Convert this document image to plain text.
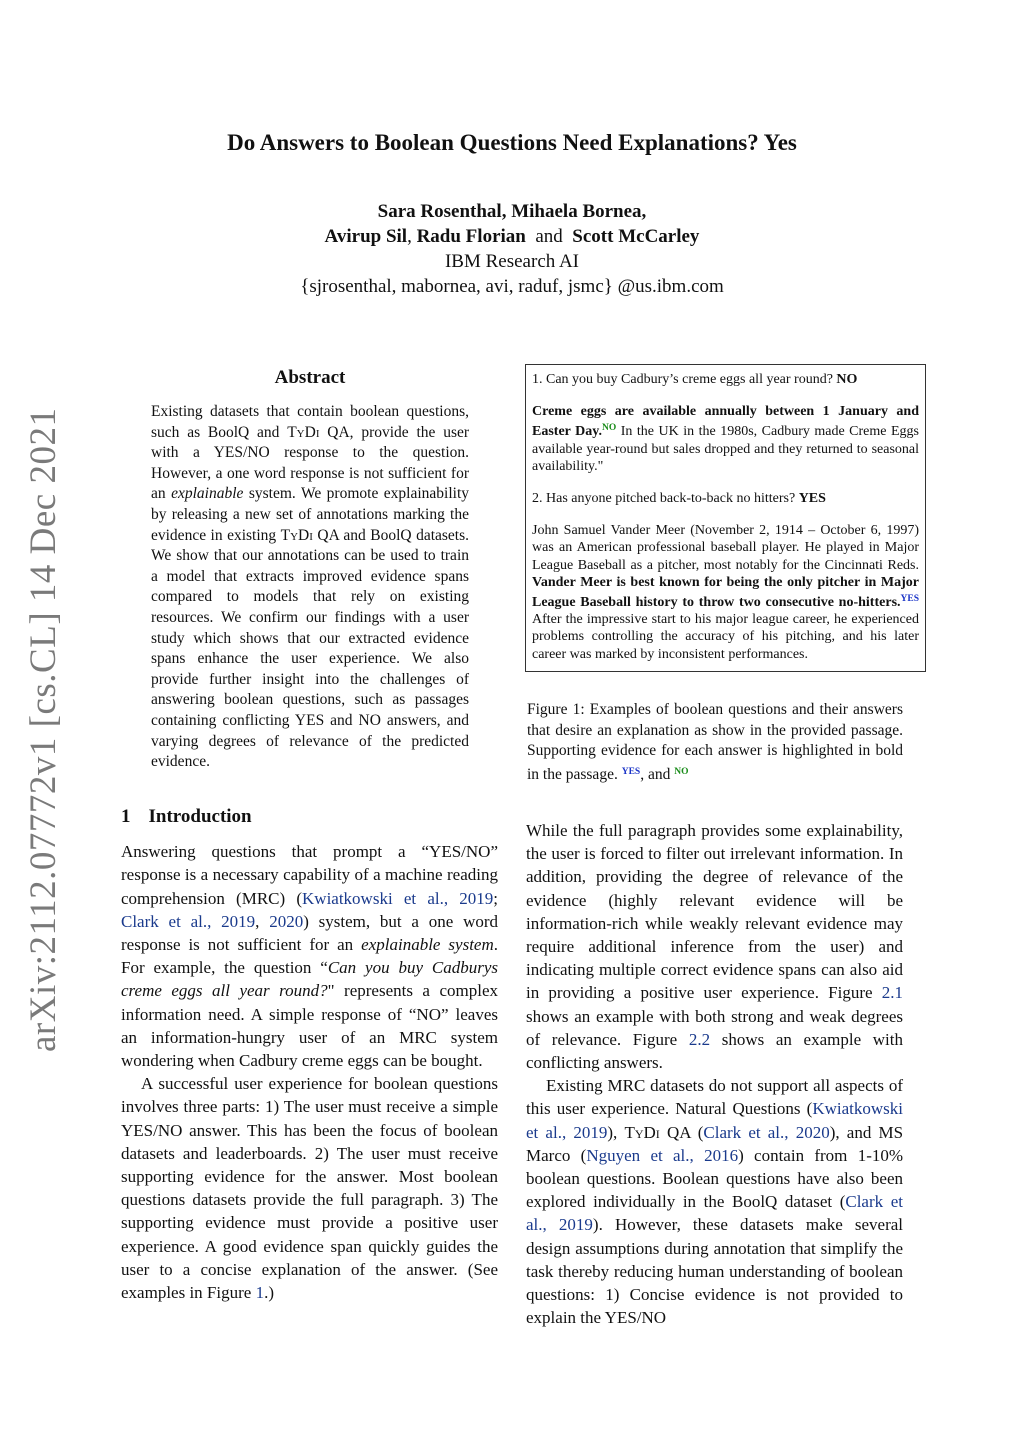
arXiv:2112.07772v1 [cs.CL] 14 Dec 2021
Do Answers to Boolean Questions Need Explanations? Yes
Sara Rosenthal, Mihaela Bornea,
Avirup Sil, Radu Florian and Scott McCarley
IBM Research AI
{sjrosenthal, mabornea, avi, raduf, jsmc} @us.ibm.com
Abstract
Existing datasets that contain boolean questions, such as BoolQ and TyDi QA, provide the user with a YES/NO response to the question. However, a one word response is not sufficient for an explainable system. We promote explainability by releasing a new set of annotations marking the evidence in existing TyDi QA and BoolQ datasets. We show that our annotations can be used to train a model that extracts improved evidence spans compared to models that rely on existing resources. We confirm our findings with a user study which shows that our extracted evidence spans enhance the user experience. We also provide further insight into the challenges of answering boolean questions, such as passages containing conflicting YES and NO answers, and varying degrees of relevance of the predicted evidence.

1. Can you buy Cadbury’s creme eggs all year round? NO

Creme eggs are available annually between 1 January and Easter Day.$^{NO}$ In the UK in the 1980s, Cadbury made Creme Eggs available year-round but sales dropped and they returned to seasonal availability."

2. Has anyone pitched back-to-back no hitters? YES

John Samuel Vander Meer (November 2, 1914 – October 6, 1997) was an American professional baseball player. He played in Major League Baseball as a pitcher, most notably for the Cincinnati Reds. Vander Meer is best known for being the only pitcher in Major League Baseball history to throw two consecutive no-hitters.$^{YES}$ After the impressive start to his major league career, he experienced problems controlling the accuracy of his pitching, and his later career was marked by inconsistent performances.

Figure 1: Examples of boolean questions and their answers that desire an explanation as show in the provided passage. Supporting evidence for each answer is highlighted in bold in the passage. $^{YES}$, and $^{NO}$
1 Introduction

Answering questions that prompt a “YES/NO” response is a necessary capability of a machine reading comprehension (MRC) (Kwiatkowski et al., 2019; Clark et al., 2019, 2020) system, but a one word response is not sufficient for an explainable system. For example, the question “Can you buy Cadburys creme eggs all year round?" represents a complex information need. A simple response of “NO” leaves an information-hungry user of an MRC system wondering when Cadbury creme eggs can be bought.

A successful user experience for boolean questions involves three parts: 1) The user must receive a simple YES/NO answer. This has been the focus of boolean datasets and leaderboards. 2) The user must receive supporting evidence for the answer. Most boolean questions datasets provide the full paragraph. 3) The supporting evidence must provide a positive user experience. A good evidence span quickly guides the user to a concise explanation of the answer. (See examples in Figure 1.)

While the full paragraph provides some explainability, the user is forced to filter out irrelevant information. In addition, providing the degree of relevance of the evidence (highly relevant evidence will be information-rich while weakly relevant evidence may require additional inference from the user) and indicating multiple correct evidence spans can also aid in providing a positive user experience. Figure 2.1 shows an example with both strong and weak degrees of relevance. Figure 2.2 shows an example with conflicting answers.

Existing MRC datasets do not support all aspects of this user experience. Natural Questions (Kwiatkowski et al., 2019), TyDi QA (Clark et al., 2020), and MS Marco (Nguyen et al., 2016) contain from 1-10% boolean questions. Boolean questions have also been explored individually in the BoolQ dataset (Clark et al., 2019). However, these datasets make several design assumptions during annotation that simplify the task thereby reducing human understanding of boolean questions: 1) Concise evidence is not provided to explain the YES/NO
